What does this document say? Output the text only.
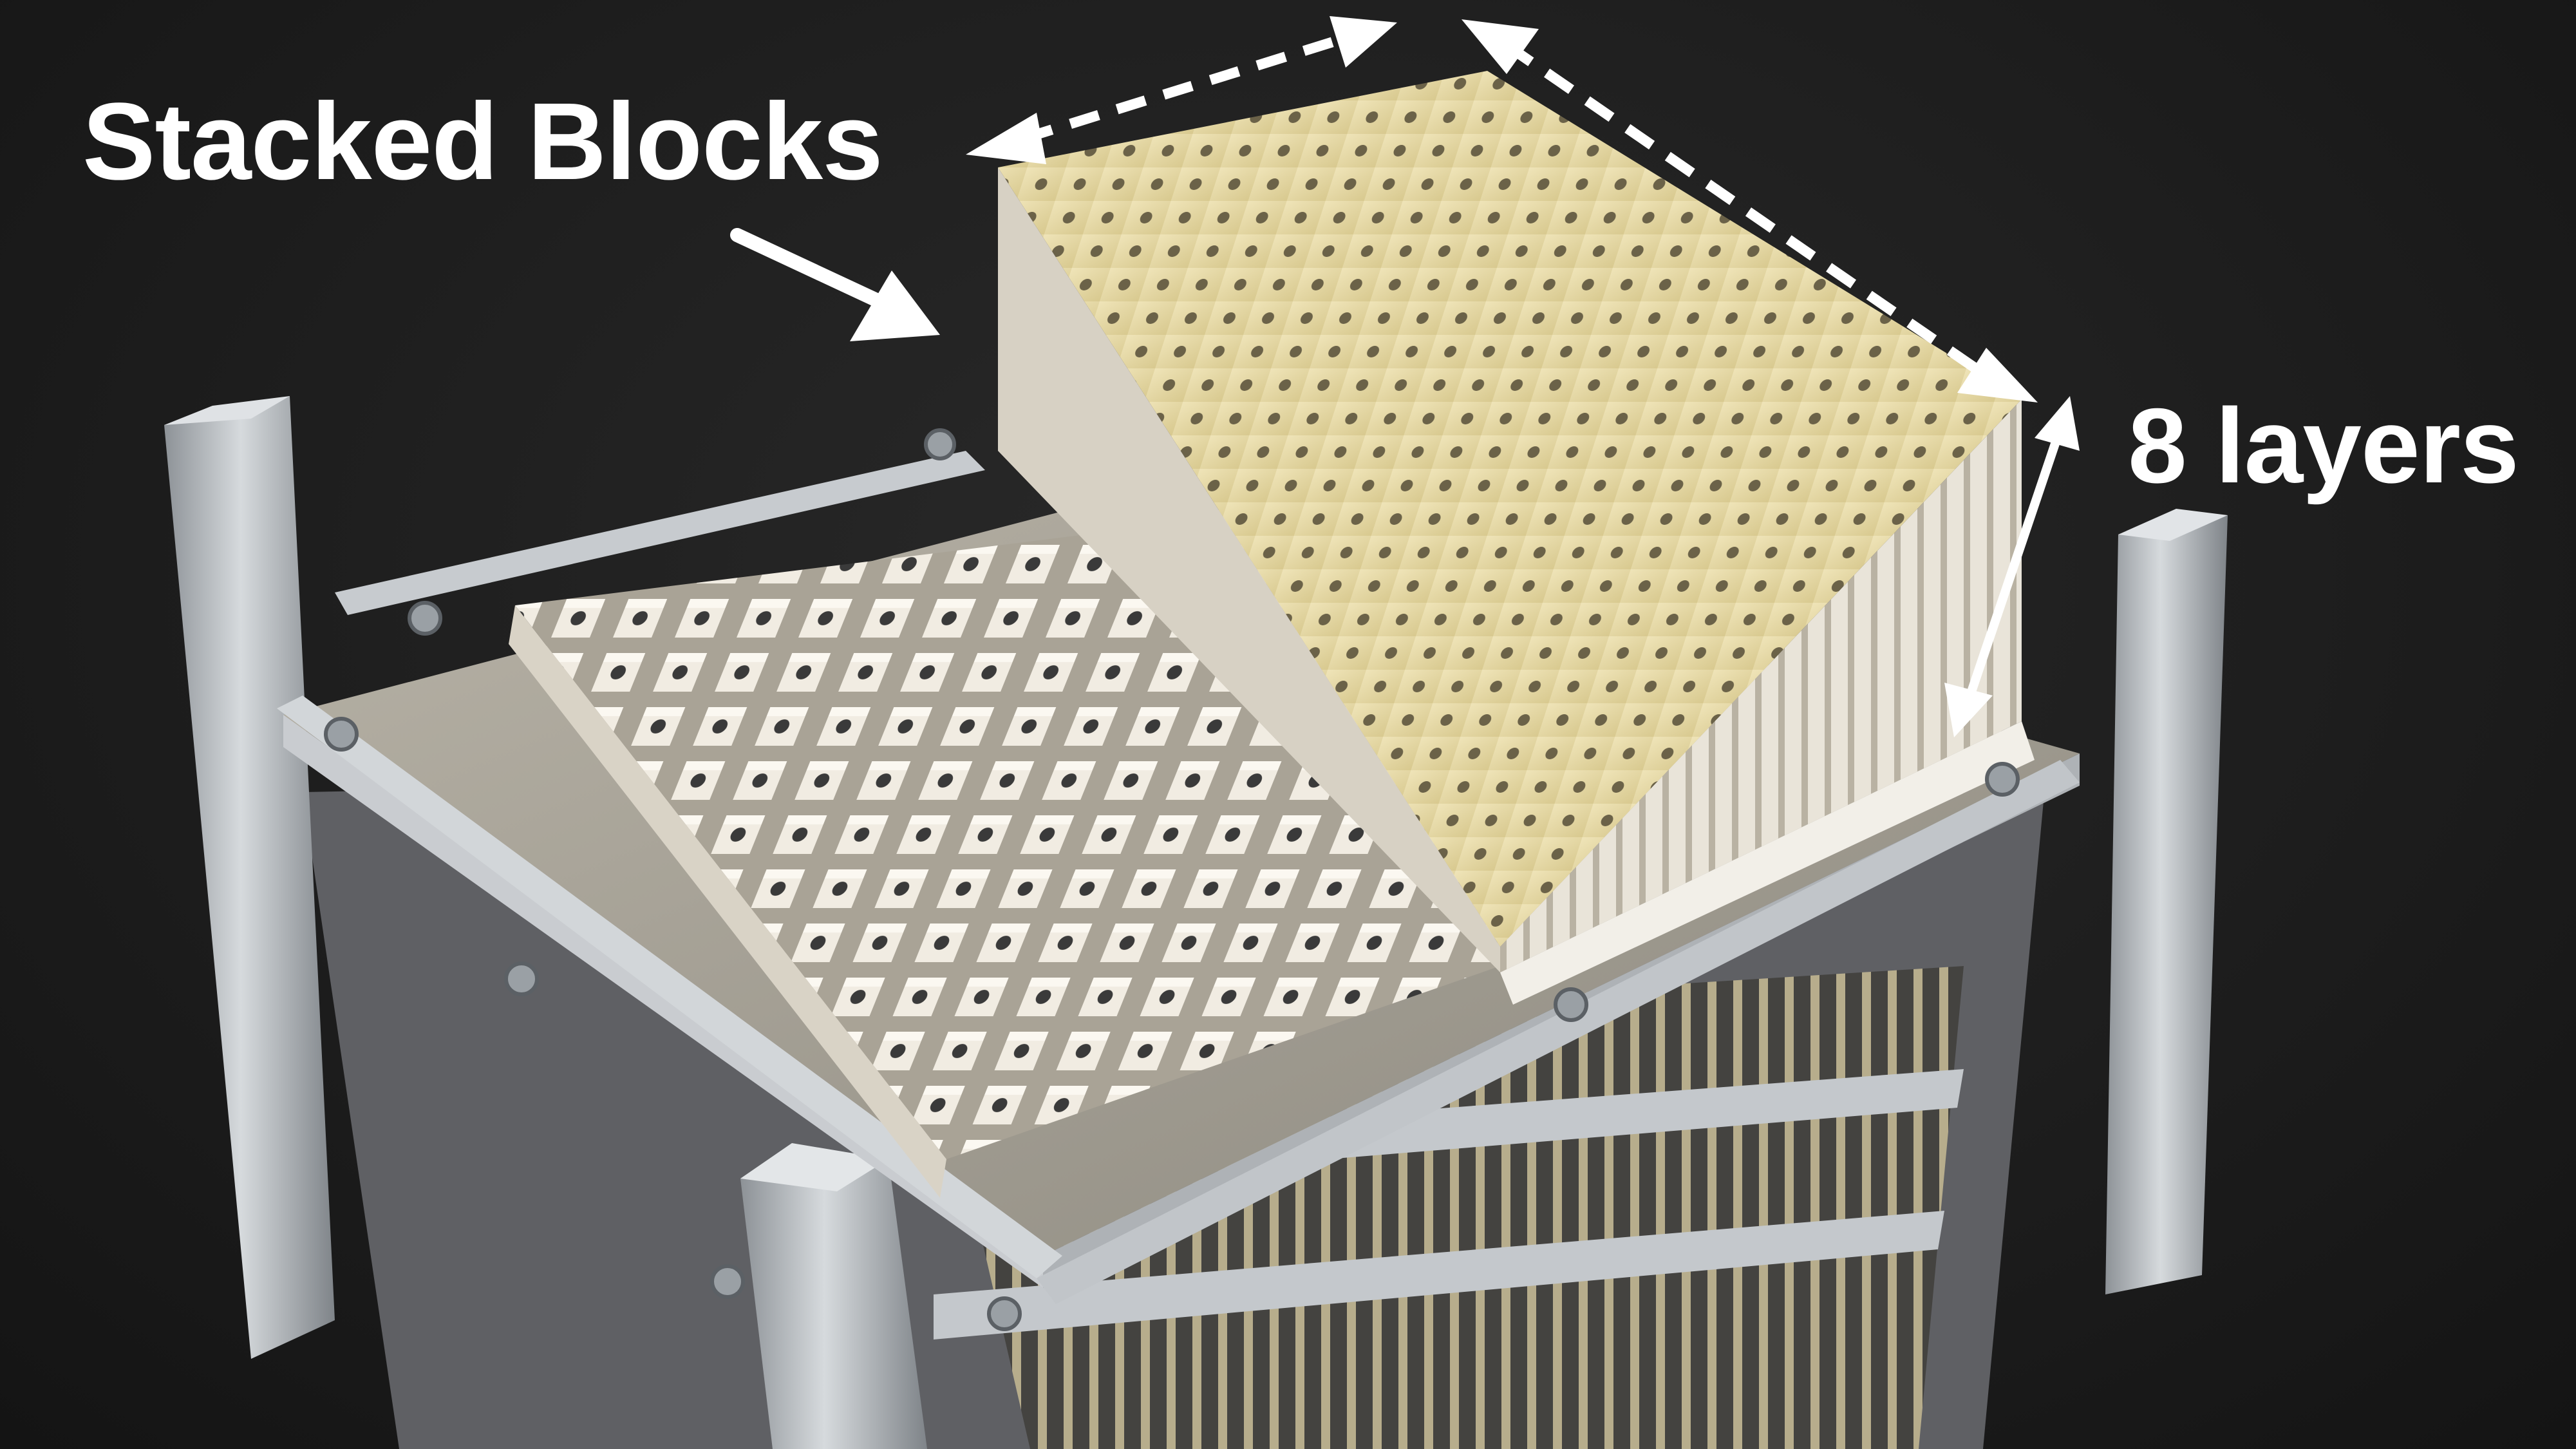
Stacked Blocks
8 layers
